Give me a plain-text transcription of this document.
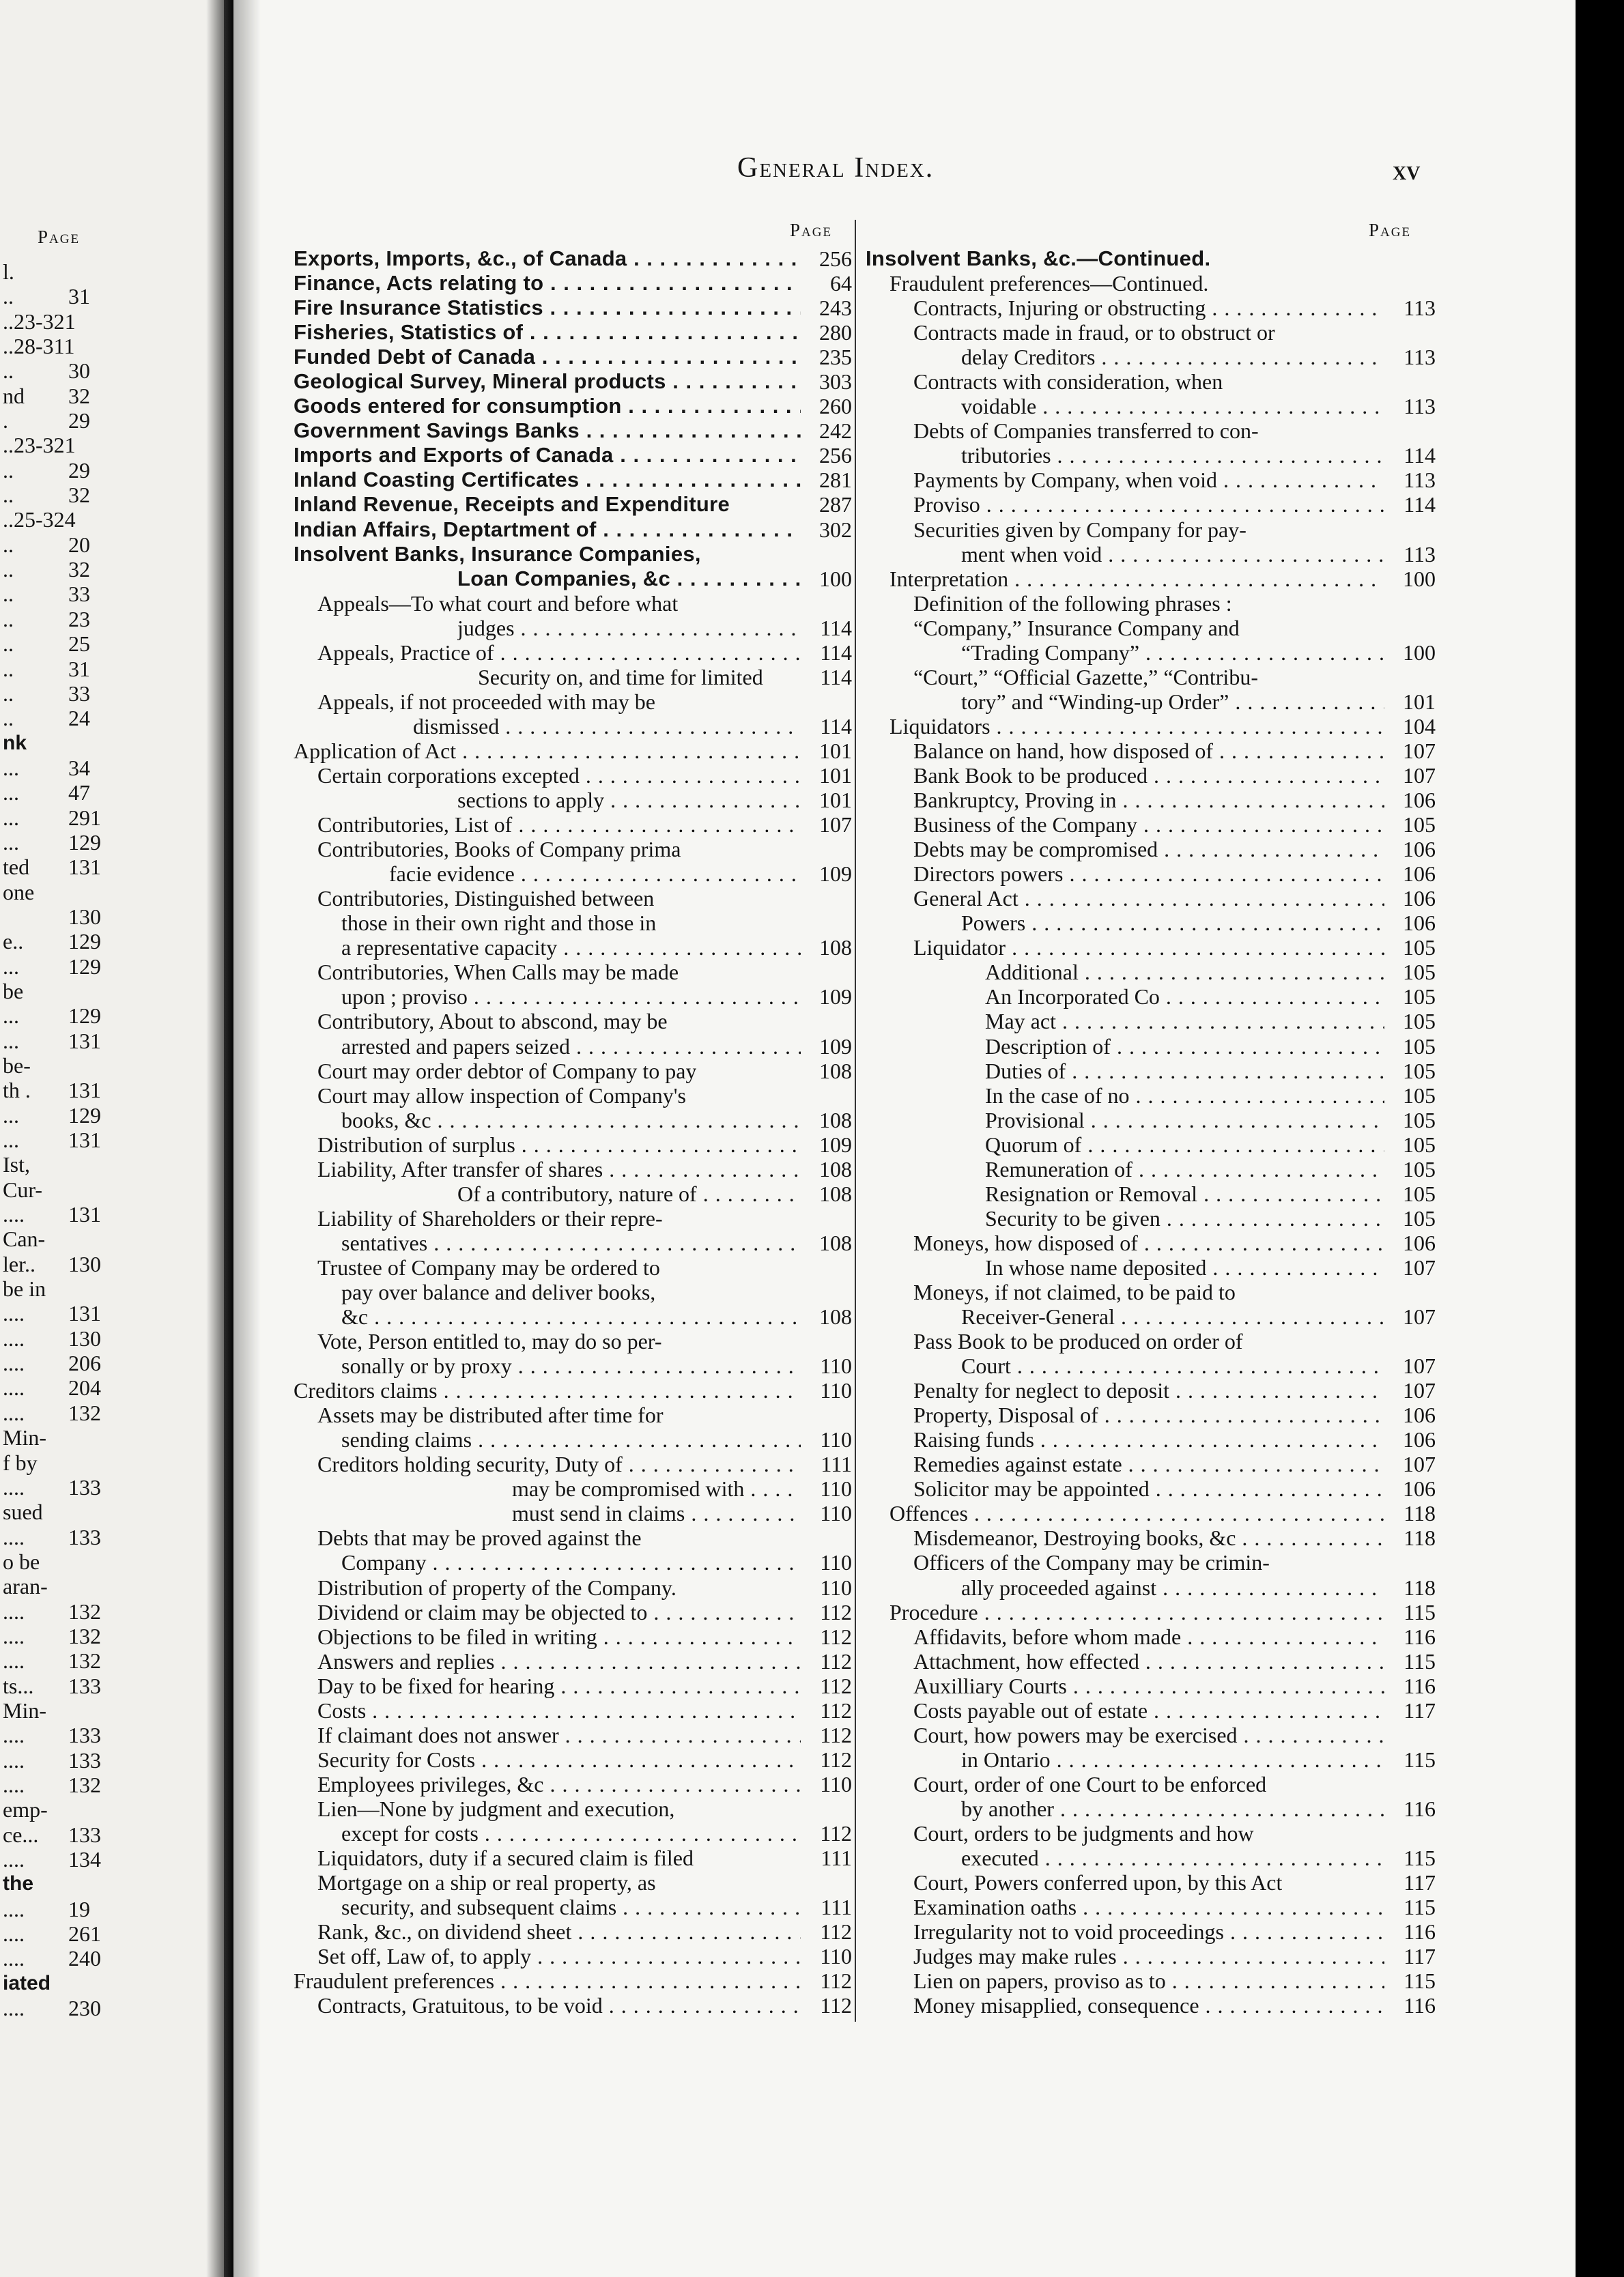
Page
l.
..	31
..23-321
..28-311
..	30
nd 32
.	29
..23-321
..	29
..	32
..25-324
..	20
..	32
..	33
..	23
..	25
..	31
..	33
..	24
nk
... 34
... 47
... 291
... 129
ted 131
one
130
e.. 129
... 129
be
... 129
... 131
be-
th . 131
... 129
... 131
Ist,
Cur-
.... 131
Can-
ler.. 130
be in
.... 131
.... 130
.... 206
.... 204
.... 132
Min-
f by
.... 133
sued
.... 133
o be
aran-
.... 132
.... 132
.... 132
ts... 133
Min-
.... 133
.... 133
.... 132
emp-
ce... 133
.... 134
the
.... 19
.... 261
.... 240
iated
.... 230
General Index.	xv
Page	Page
Exports, Imports, &c., of Canada . . .	256
Finance, Acts relating to . . .	64
Fire Insurance Statistics . . .	243
Fisheries, Statistics of . . .	280
Funded Debt of Canada . . .	235
Geological Survey, Mineral products . . .	303
Goods entered for consumption . . .	260
Government Savings Banks . . .	242
Imports and Exports of Canada . . .	256
Inland Coasting Certificates . . .	281
Inland Revenue, Receipts and Expenditure	287
Indian Affairs, Deptartment of . . .	302
Insolvent Banks, Insurance Companies,
Loan Companies, &c . . .	100
Appeals—To what court and before what
judges . . .	114
Appeals, Practice of . . .	114
Security on, and time for limited	114
Appeals, if not proceeded with may be
dismissed . . .	114
Application of Act . . .	101
Certain corporations excepted . . .	101
sections to apply . . .	101
Contributories, List of . . .	107
Contributories, Books of Company prima
facie evidence . . .	109
Contributories, Distinguished between
those in their own right and those in
a representative capacity . . .	108
Contributories, When Calls may be made
upon ; proviso . . .	109
Contributory, About to abscond, may be
arrested and papers seized . . .	109
Court may order debtor of Company to pay	108
Court may allow inspection of Company's
books, &c . . .	108
Distribution of surplus . . .	109
Liability, After transfer of shares . . .	108
Of a contributory, nature of . . .	108
Liability of Shareholders or their repre-
sentatives . . .	108
Trustee of Company may be ordered to
pay over balance and deliver books,
&c . . .	108
Vote, Person entitled to, may do so per-
sonally or by proxy . . .	110
Creditors claims . . .	110
Assets may be distributed after time for
sending claims . . .	110
Creditors holding security, Duty of . . .	111
may be compromised with . . .	110
must send in claims . . .	110
Debts that may be proved against the
Company . . .	110
Distribution of property of the Company.	110
Dividend or claim may be objected to . . .	112
Objections to be filed in writing . . .	112
Answers and replies . . .	112
Day to be fixed for hearing . . .	112
Costs . . .	112
If claimant does not answer . . .	112
Security for Costs . . .	112
Employees privileges, &c . . .	110
Lien—None by judgment and execution,
except for costs . . .	112
Liquidators, duty if a secured claim is filed	111
Mortgage on a ship or real property, as
security, and subsequent claims . . .	111
Rank, &c., on dividend sheet . . .	112
Set off, Law of, to apply . . .	110
Fraudulent preferences . . .	112
Contracts, Gratuitous, to be void . . .	112
Insolvent Banks, &c.—Continued.
Fraudulent preferences—Continued.
Contracts, Injuring or obstructing . . .	113
Contracts made in fraud, or to obstruct or
delay Creditors . . .	113
Contracts with consideration, when
voidable . . .	113
Debts of Companies transferred to con-
tributories . . .	114
Payments by Company, when void . . .	113
Proviso . . .	114
Securities given by Company for pay-
ment when void . . .	113
Interpretation . . .	100
Definition of the following phrases :
“Company,” Insurance Company and
“Trading Company” . . .	100
“Court,” “Official Gazette,” “Contribu-
tory” and “Winding-up Order” . . .	101
Liquidators . . .	104
Balance on hand, how disposed of . . .	107
Bank Book to be produced . . .	107
Bankruptcy, Proving in . . .	106
Business of the Company . . .	105
Debts may be compromised . . .	106
Directors powers . . .	106
General Act . . .	106
Powers . . .	106
Liquidator . . .	105
Additional . . .	105
An Incorporated Co . . .	105
May act . . .	105
Description of . . .	105
Duties of . . .	105
In the case of no . . .	105
Provisional . . .	105
Quorum of . . .	105
Remuneration of . . .	105
Resignation or Removal . . .	105
Security to be given . . .	105
Moneys, how disposed of . . .	106
In whose name deposited . . .	107
Moneys, if not claimed, to be paid to
Receiver-General . . .	107
Pass Book to be produced on order of
Court . . .	107
Penalty for neglect to deposit . . .	107
Property, Disposal of . . .	106
Raising funds . . .	106
Remedies against estate . . .	107
Solicitor may be appointed . . .	106
Offences . . .	118
Misdemeanor, Destroying books, &c . . .	118
Officers of the Company may be crimin-
ally proceeded against . . .	118
Procedure . . .	115
Affidavits, before whom made . . .	116
Attachment, how effected . . .	115
Auxilliary Courts . . .	116
Costs payable out of estate . . .	117
Court, how powers may be exercised . . .
in Ontario . . .	115
Court, order of one Court to be enforced
by another . . .	116
Court, orders to be judgments and how
executed . . .	115
Court, Powers conferred upon, by this Act	117
Examination oaths . . .	115
Irregularity not to void proceedings . . .	116
Judges may make rules . . .	117
Lien on papers, proviso as to . . .	115
Money misapplied, consequence . . .	116
